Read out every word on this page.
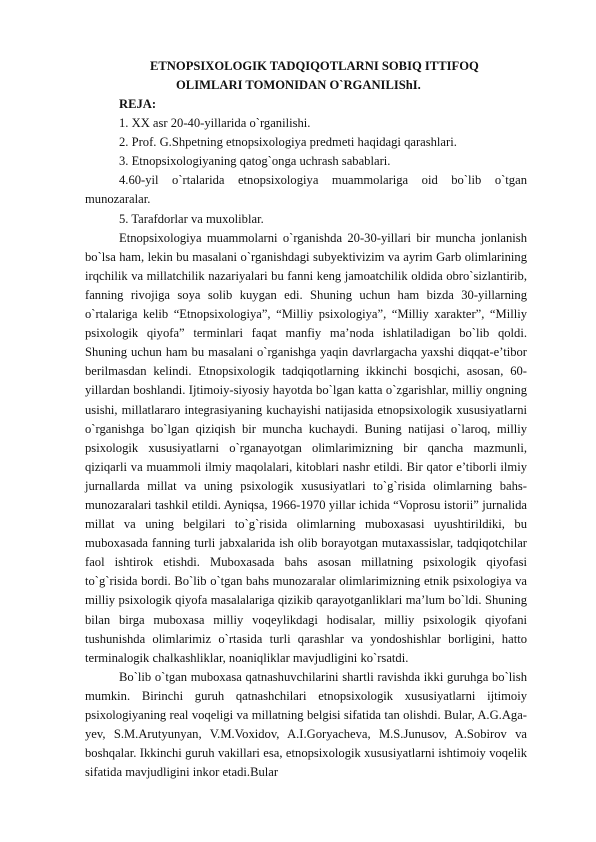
ETNOPSIXOLOGIK TADQIQOTLARNI SOBIQ ITTIFOQ
OLIMLARI TOMONIDAN O`RGANILIShI.

REJA:

1. XX asr 20-40-yillarida o`rganilishi.

2. Prof. G.Shpetning etnopsixologiya predmeti haqidagi qarashlari.

3. Etnopsixologiyaning qatog`onga uchrash sabablari.

4.60-yil o`rtalarida etnopsixologiya muammolariga oid bo`lib o`tgan munozaralar.

5. Tarafdorlar va muxoliblar.

Etnopsixologiya muammolarni o`rganishda 20-30-yillari bir muncha jonlanish bo`lsa ham, lekin bu masalani o`rganishdagi subyektivizim va ayrim Garb olimlarining irqchilik va millatchilik nazariyalari bu fanni keng jamoatchilik oldida obro`sizlantirib, fanning rivojiga soya solib kuygan edi. Shuning uchun ham bizda 30-yillarning o`rtalariga kelib “Etnopsixologiya”, “Milliy psixologiya”, “Milliy xarakter”, “Milliy psixologik qiyofa” terminlari faqat manfiy ma’noda ishlatiladigan bo`lib qoldi. Shuning uchun ham bu masalani o`rganishga yaqin davrlargacha yaxshi diqqat-e’tibor berilmasdan kelindi. Etnopsixologik tadqiqotlarning ikkinchi bosqichi, asosan, 60-yillardan boshlandi. Ijtimoiy-siyosiy hayotda bo`lgan katta o`zgarishlar, milliy ongning usishi, millatlararo integrasiyaning kuchayishi natijasida etnopsixologik xususiyatlarni o`rganishga bo`lgan qiziqish bir muncha kuchaydi. Buning natijasi o`laroq, milliy psixologik xususiyatlarni o`rganayotgan olimlarimizning bir qancha mazmunli, qiziqarli va muammoli ilmiy maqolalari, kitoblari nashr etildi. Bir qator e’tiborli ilmiy jurnallarda millat va uning psixologik xususiyatlari to`g`risida olimlarning bahs-munozaralari tashkil etildi. Ayniqsa, 1966-1970 yillar ichida “Voprosu istorii” jurnalida millat va uning belgilari to`g`risida olimlarning muboxasasi uyushtirildiki, bu muboxasada fanning turli jabxalarida ish olib borayotgan mutaxassislar, tadqiqotchilar faol ishtirok etishdi. Muboxasada bahs asosan millatning psixologik qiyofasi to`g`risida bordi. Bo`lib o`tgan bahs munozaralar olimlarimizning etnik psixologiya va milliy psixologik qiyofa masalalariga qizikib qarayotganliklari ma’lum bo`ldi. Shuning bilan birga muboxasa milliy voqeylikdagi hodisalar, milliy psixologik qiyofani tushunishda olimlarimiz o`rtasida turli qarashlar va yondoshishlar borligini, hatto terminalogik chalkashliklar, noaniqliklar mavjudligini ko`rsatdi.

Bo`lib o`tgan muboxasa qatnashuvchilarini shartli ravishda ikki guruhga bo`lish mumkin. Birinchi guruh qatnashchilari etnopsixologik xususiyatlarni ijtimoiy psixologiyaning real voqeligi va millatning belgisi sifatida tan olishdi. Bular, A.G.Aga-yev, S.M.Arutyunyan, V.M.Voxidov, A.I.Goryacheva, M.S.Junusov, A.Sobirov va boshqalar. Ikkinchi guruh vakillari esa, etnopsixologik xususiyatlarni ishtimoiy voqelik sifatida mavjudligini inkor etadi.Bular
